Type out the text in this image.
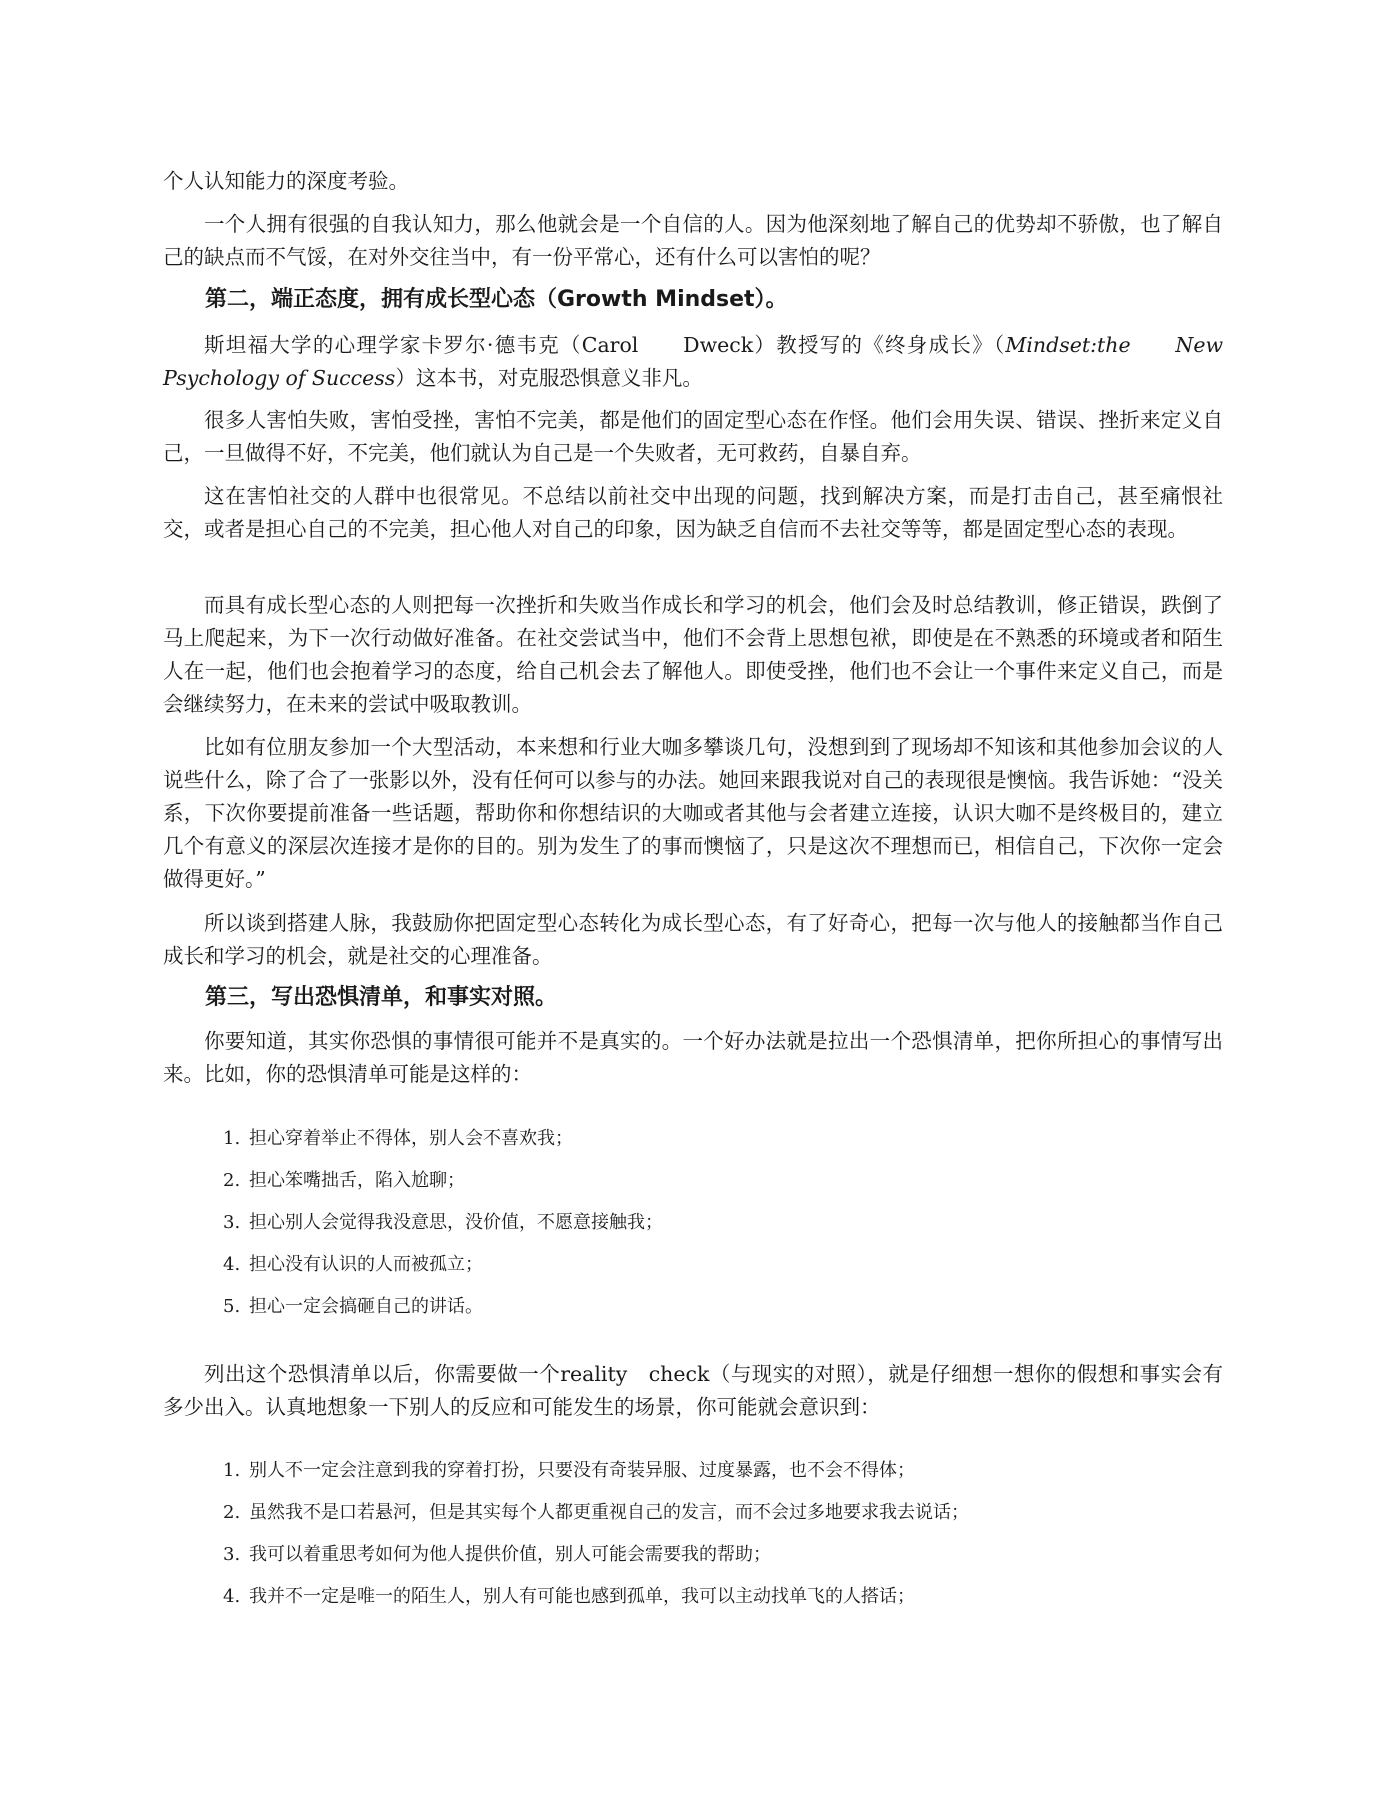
个人认知能力的深度考验。

一个人拥有很强的自我认知力，那么他就会是一个自信的人。因为他深刻地了解自己的优势却不骄傲，也了解自己的缺点而不气馁，在对外交往当中，有一份平常心，还有什么可以害怕的呢？

第二，端正态度，拥有成长型心态（Growth Mindset）。

斯坦福大学的心理学家卡罗尔·德韦克（Carol　　Dweck）教授写的《终身成长》（Mindset:the　　New Psychology of Success）这本书，对克服恐惧意义非凡。

很多人害怕失败，害怕受挫，害怕不完美，都是他们的固定型心态在作怪。他们会用失误、错误、挫折来定义自己，一旦做得不好，不完美，他们就认为自己是一个失败者，无可救药，自暴自弃。

这在害怕社交的人群中也很常见。不总结以前社交中出现的问题，找到解决方案，而是打击自己，甚至痛恨社交，或者是担心自己的不完美，担心他人对自己的印象，因为缺乏自信而不去社交等等，都是固定型心态的表现。

而具有成长型心态的人则把每一次挫折和失败当作成长和学习的机会，他们会及时总结教训，修正错误，跌倒了马上爬起来，为下一次行动做好准备。在社交尝试当中，他们不会背上思想包袱，即使是在不熟悉的环境或者和陌生人在一起，他们也会抱着学习的态度，给自己机会去了解他人。即使受挫，他们也不会让一个事件来定义自己，而是会继续努力，在未来的尝试中吸取教训。

比如有位朋友参加一个大型活动，本来想和行业大咖多攀谈几句，没想到到了现场却不知该和其他参加会议的人说些什么，除了合了一张影以外，没有任何可以参与的办法。她回来跟我说对自己的表现很是懊恼。我告诉她：“没关系，下次你要提前准备一些话题，帮助你和你想结识的大咖或者其他与会者建立连接，认识大咖不是终极目的，建立几个有意义的深层次连接才是你的目的。别为发生了的事而懊恼了，只是这次不理想而已，相信自己，下次你一定会做得更好。”

所以谈到搭建人脉，我鼓励你把固定型心态转化为成长型心态，有了好奇心，把每一次与他人的接触都当作自己成长和学习的机会，就是社交的心理准备。

第三，写出恐惧清单，和事实对照。

你要知道，其实你恐惧的事情很可能并不是真实的。一个好办法就是拉出一个恐惧清单，把你所担心的事情写出来。比如，你的恐惧清单可能是这样的：

1. 担心穿着举止不得体，别人会不喜欢我；
2. 担心笨嘴拙舌，陷入尬聊；
3. 担心别人会觉得我没意思，没价值，不愿意接触我；
4. 担心没有认识的人而被孤立；
5. 担心一定会搞砸自己的讲话。

列出这个恐惧清单以后，你需要做一个reality　check（与现实的对照），就是仔细想一想你的假想和事实会有多少出入。认真地想象一下别人的反应和可能发生的场景，你可能就会意识到：

1. 别人不一定会注意到我的穿着打扮，只要没有奇装异服、过度暴露，也不会不得体；
2. 虽然我不是口若悬河，但是其实每个人都更重视自己的发言，而不会过多地要求我去说话；
3. 我可以着重思考如何为他人提供价值，别人可能会需要我的帮助；
4. 我并不一定是唯一的陌生人，别人有可能也感到孤单，我可以主动找单飞的人搭话；
